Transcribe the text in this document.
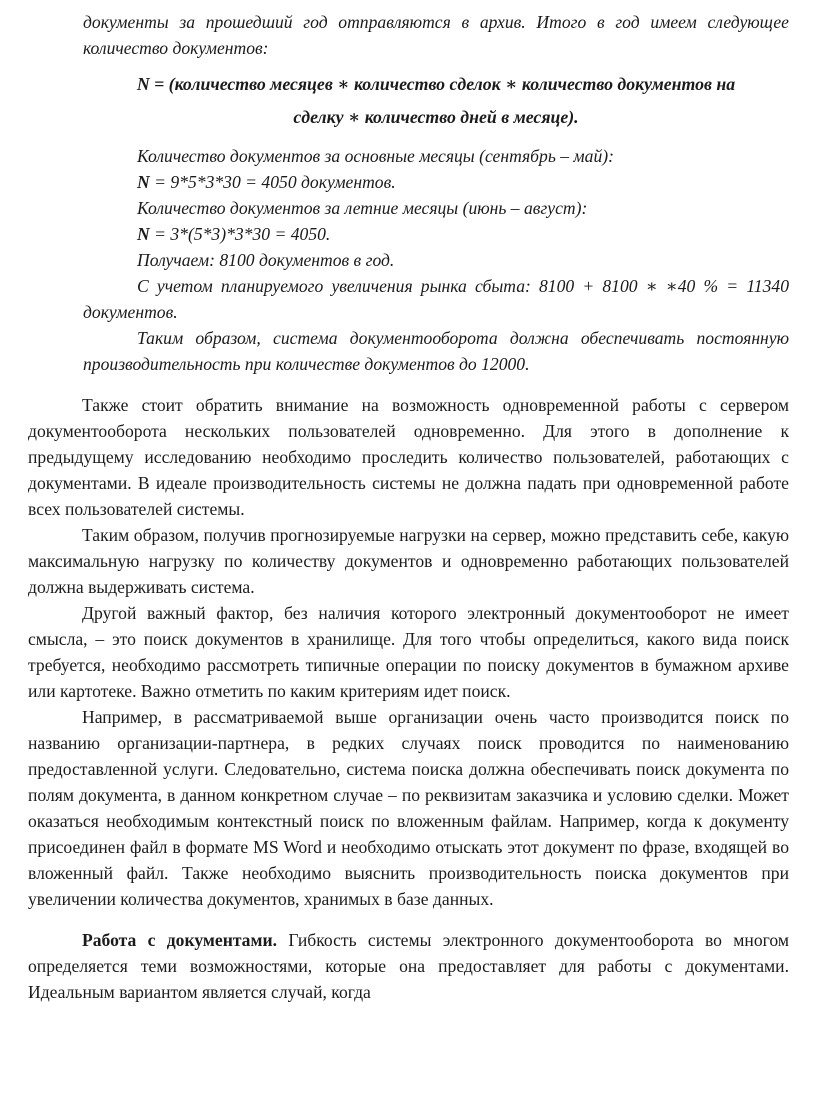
документы за прошедший год отправляются в архив. Итого в год имеем следующее количество документов:

N = (количество месяцев ∗ количество сделок ∗ количество документов на сделку ∗ количество дней в месяце).

Количество документов за основные месяцы (сентябрь – май):

N = 9*5*3*30 = 4050 документов.

Количество документов за летние месяцы (июнь – август):

N = 3*(5*3)*3*30 = 4050.

Получаем: 8100 документов в год.

С учетом планируемого увеличения рынка сбыта: 8100 + 8100 ∗ ∗40 % = 11340 документов.

Таким образом, система документооборота должна обеспечивать постоянную производительность при количестве документов до 12000.

Также стоит обратить внимание на возможность одновременной работы с сервером документооборота нескольких пользователей одновременно. Для этого в дополнение к предыдущему исследованию необходимо проследить количество пользователей, работающих с документами. В идеале производительность системы не должна падать при одновременной работе всех пользователей системы.

Таким образом, получив прогнозируемые нагрузки на сервер, можно представить себе, какую максимальную нагрузку по количеству документов и одновременно работающих пользователей должна выдерживать система.

Другой важный фактор, без наличия которого электронный документооборот не имеет смысла, – это поиск документов в хранилище. Для того чтобы определиться, какого вида поиск требуется, необходимо рассмотреть типичные операции по поиску документов в бумажном архиве или картотеке. Важно отметить по каким критериям идет поиск.

Например, в рассматриваемой выше организации очень часто производится поиск по названию организации-партнера, в редких случаях поиск проводится по наименованию предоставленной услуги. Следовательно, система поиска должна обеспечивать поиск документа по полям документа, в данном конкретном случае – по реквизитам заказчика и условию сделки. Может оказаться необходимым контекстный поиск по вложенным файлам. Например, когда к документу присоединен файл в формате MS Word и необходимо отыскать этот документ по фразе, входящей во вложенный файл. Также необходимо выяснить производительность поиска документов при увеличении количества документов, хранимых в базе данных.

Работа с документами. Гибкость системы электронного документооборота во многом определяется теми возможностями, которые она предоставляет для работы с документами. Идеальным вариантом является случай, когда
